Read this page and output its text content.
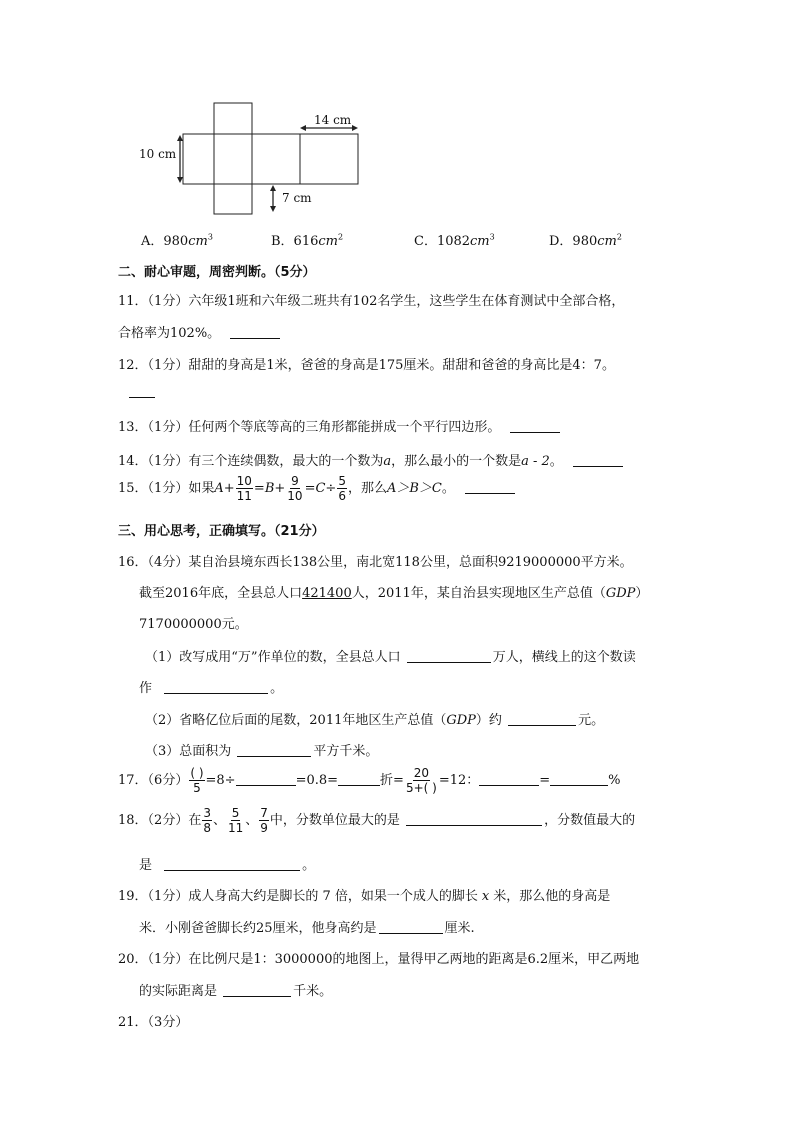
14 cm
10 cm
7 cm
A．$980cm^3$	B．$616cm^2$	C．$1082cm^3$	D．$980cm^2$
二、耐心审题，周密判断。（5分）
11．（1分）六年级1班和六年级二班共有102名学生，这些学生在体育测试中全部合格，
合格率为102%。
12．（1分）甜甜的身高是1米，爸爸的身高是175厘米。甜甜和爸爸的身高比是4：7。
13．（1分）任何两个等底等高的三角形都能拼成一个平行四边形。
14．（1分）有三个连续偶数，最大的一个数为a，那么最小的一个数是a - 2。
15．（1分）如果$A+ \frac{10}{11} =B+ \frac{9}{10} =C\div \frac{5}{6}$ ，那么A＞B＞C。
三、用心思考，正确填写。（21分）
16．（4分）某自治县境东西长138公里，南北宽118公里，总面积9219000000平方米。
截至2016年底，全县总人口421400人，2011年，某自治县实现地区生产总值（GDP）
7170000000元。
（1）改写成用“万”作单位的数，全县总人口	万人，横线上的这个数读
作	。
（2）省略亿位后面的尾数，2011年地区生产总值（GDP）约	元。
（3）总面积为	平方千米。
17．（6分） $\frac{( )}{5} =8\div$	=0.8=	折= $\frac{20}{5+( )} =12$：	=	%
18．（2分）在 $\frac{3}{8}$ 、 $\frac{5}{11}$ 、 $\frac{7}{9}$ 中，分数单位最大的是	，分数值最大的
是	。
19．（1分）成人身高大约是脚长的 7 倍，如果一个成人的脚长 x 米，那么他的身高是
米．小刚爸爸脚长约25厘米，他身高约是	厘米.
20．（1分）在比例尺是1：3000000的地图上，量得甲乙两地的距离是6.2厘米，甲乙两地
的实际距离是	千米。
21．（3分）
